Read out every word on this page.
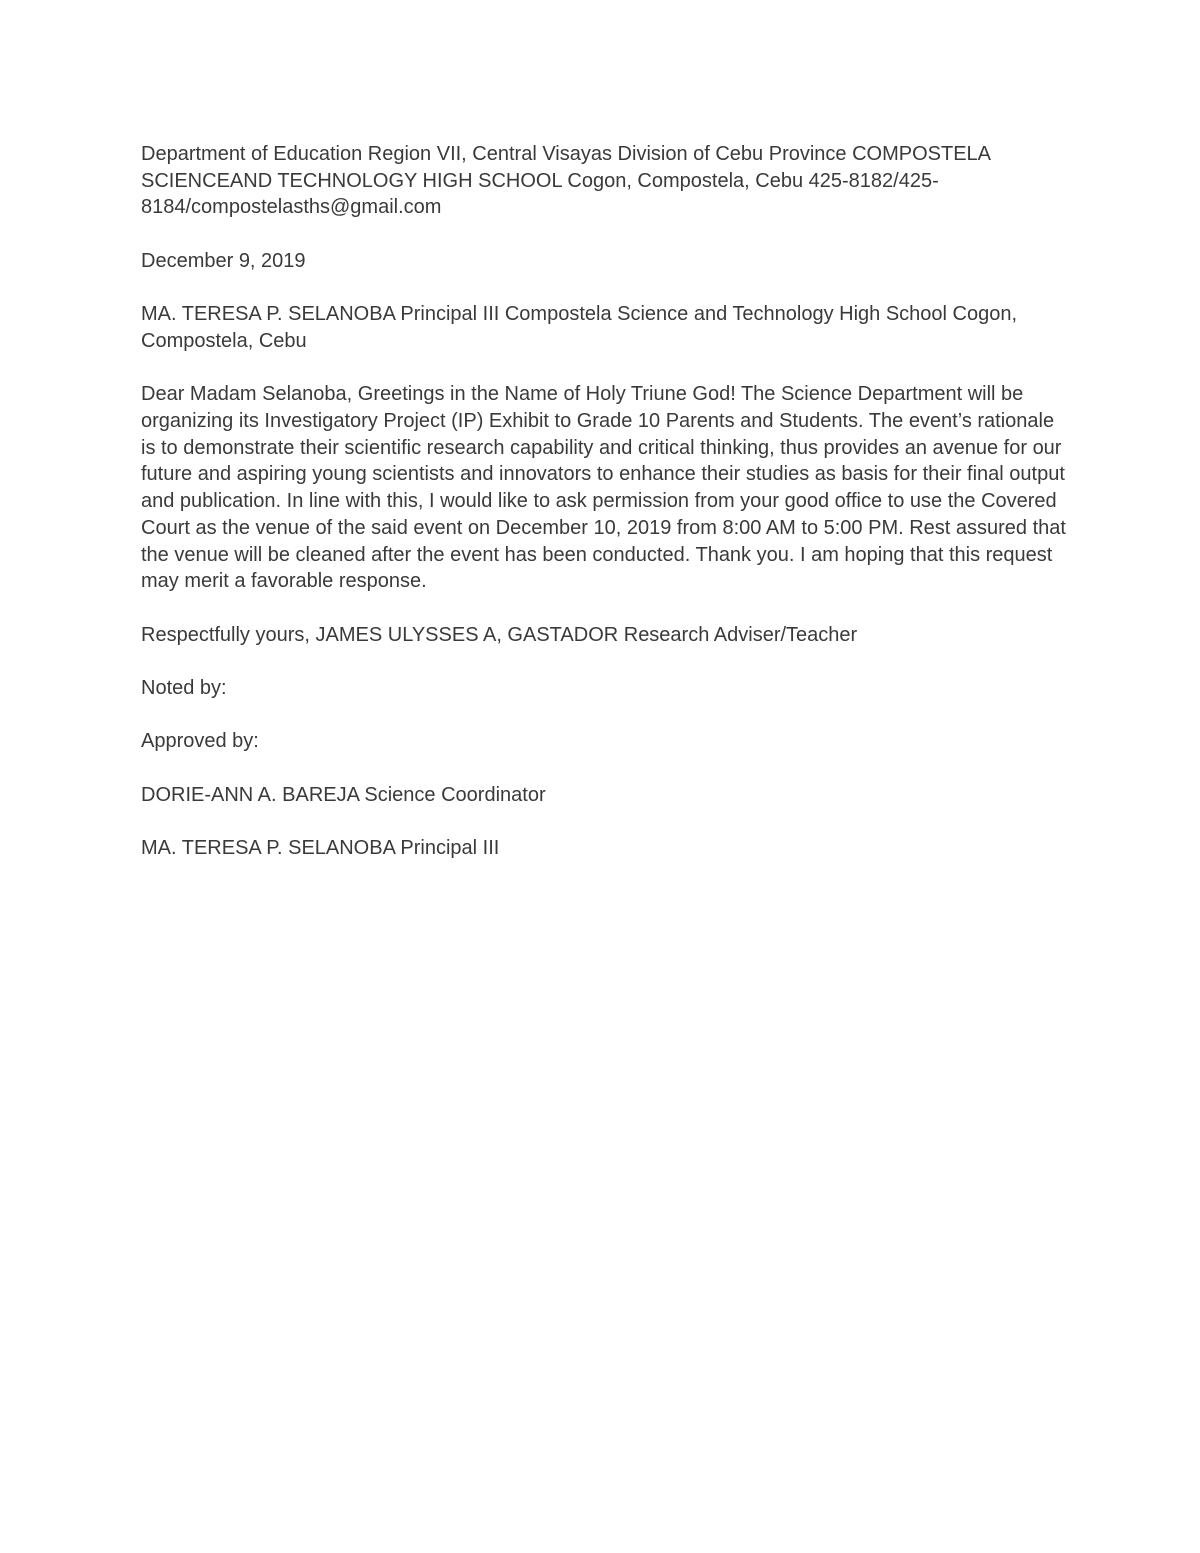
Department of Education Region VII, Central Visayas Division of Cebu Province COMPOSTELA SCIENCEAND TECHNOLOGY HIGH SCHOOL Cogon, Compostela, Cebu 425-8182/425-8184/compostelasths@gmail.com

December 9, 2019

MA. TERESA P. SELANOBA Principal III Compostela Science and Technology High School Cogon, Compostela, Cebu

Dear Madam Selanoba, Greetings in the Name of Holy Triune God! The Science Department will be organizing its Investigatory Project (IP) Exhibit to Grade 10 Parents and Students. The event’s rationale is to demonstrate their scientific research capability and critical thinking, thus provides an avenue for our future and aspiring young scientists and innovators to enhance their studies as basis for their final output and publication. In line with this, I would like to ask permission from your good office to use the Covered Court as the venue of the said event on December 10, 2019 from 8:00 AM to 5:00 PM. Rest assured that the venue will be cleaned after the event has been conducted. Thank you. I am hoping that this request may merit a favorable response.

Respectfully yours, JAMES ULYSSES A, GASTADOR Research Adviser/Teacher

Noted by:

Approved by:

DORIE-ANN A. BAREJA Science Coordinator

MA. TERESA P. SELANOBA Principal III
